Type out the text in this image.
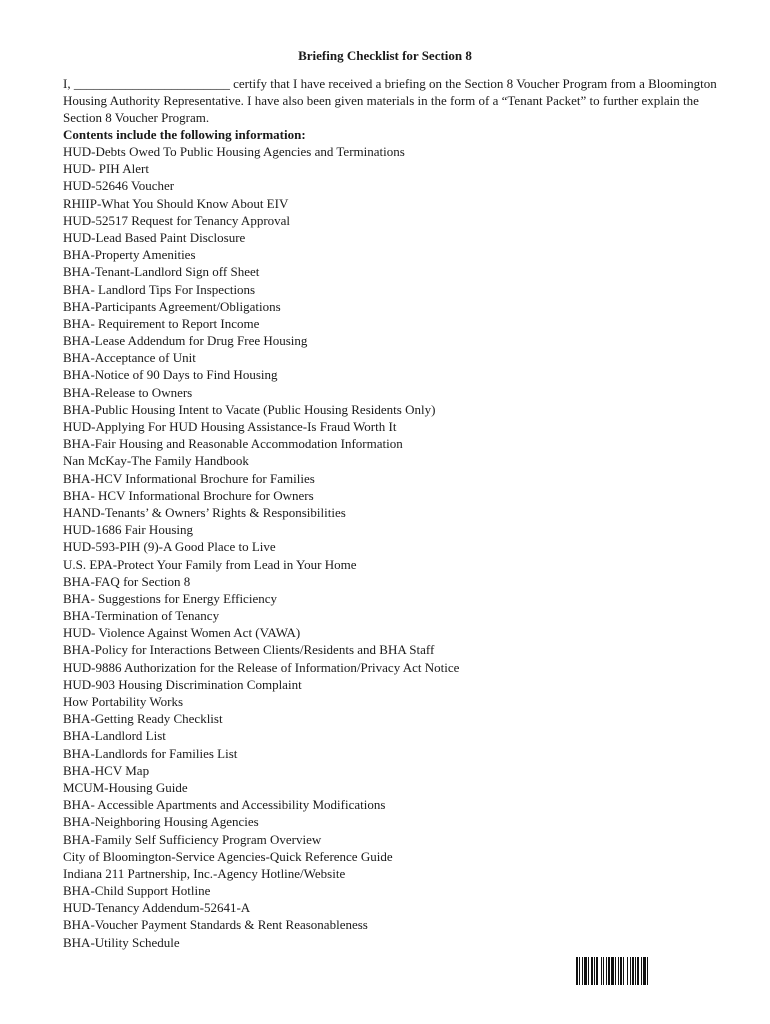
Briefing Checklist for Section 8

I, ________________________ certify that I have received a briefing on the Section 8 Voucher Program from a Bloomington Housing Authority Representative. I have also been given materials in the form of a “Tenant Packet” to further explain the Section 8 Voucher Program.

Contents include the following information:
HUD-Debts Owed To Public Housing Agencies and Terminations
HUD- PIH Alert
HUD-52646 Voucher
RHIIP-What You Should Know About EIV
HUD-52517 Request for Tenancy Approval
HUD-Lead Based Paint Disclosure
BHA-Property Amenities
BHA-Tenant-Landlord Sign off Sheet
BHA- Landlord Tips For Inspections
BHA-Participants Agreement/Obligations
BHA- Requirement to Report Income
BHA-Lease Addendum for Drug Free Housing
BHA-Acceptance of Unit
BHA-Notice of 90 Days to Find Housing
BHA-Release to Owners
BHA-Public Housing Intent to Vacate (Public Housing Residents Only)
HUD-Applying For HUD Housing Assistance-Is Fraud Worth It
BHA-Fair Housing and Reasonable Accommodation Information
Nan McKay-The Family Handbook
BHA-HCV Informational Brochure for Families
BHA- HCV Informational Brochure for Owners
HAND-Tenants’ & Owners’ Rights & Responsibilities
HUD-1686 Fair Housing
HUD-593-PIH (9)-A Good Place to Live
U.S. EPA-Protect Your Family from Lead in Your Home
BHA-FAQ for Section 8
BHA- Suggestions for Energy Efficiency
BHA-Termination of Tenancy
HUD- Violence Against Women Act (VAWA)
BHA-Policy for Interactions Between Clients/Residents and BHA Staff
HUD-9886 Authorization for the Release of Information/Privacy Act Notice
HUD-903 Housing Discrimination Complaint
How Portability Works
BHA-Getting Ready Checklist
BHA-Landlord List
BHA-Landlords for Families List
BHA-HCV Map
MCUM-Housing Guide
BHA- Accessible Apartments and Accessibility Modifications
BHA-Neighboring Housing Agencies
BHA-Family Self Sufficiency Program Overview
City of Bloomington-Service Agencies-Quick Reference Guide
Indiana 211 Partnership, Inc.-Agency Hotline/Website
BHA-Child Support Hotline
HUD-Tenancy Addendum-52641-A
BHA-Voucher Payment Standards & Rent Reasonableness
BHA-Utility Schedule
